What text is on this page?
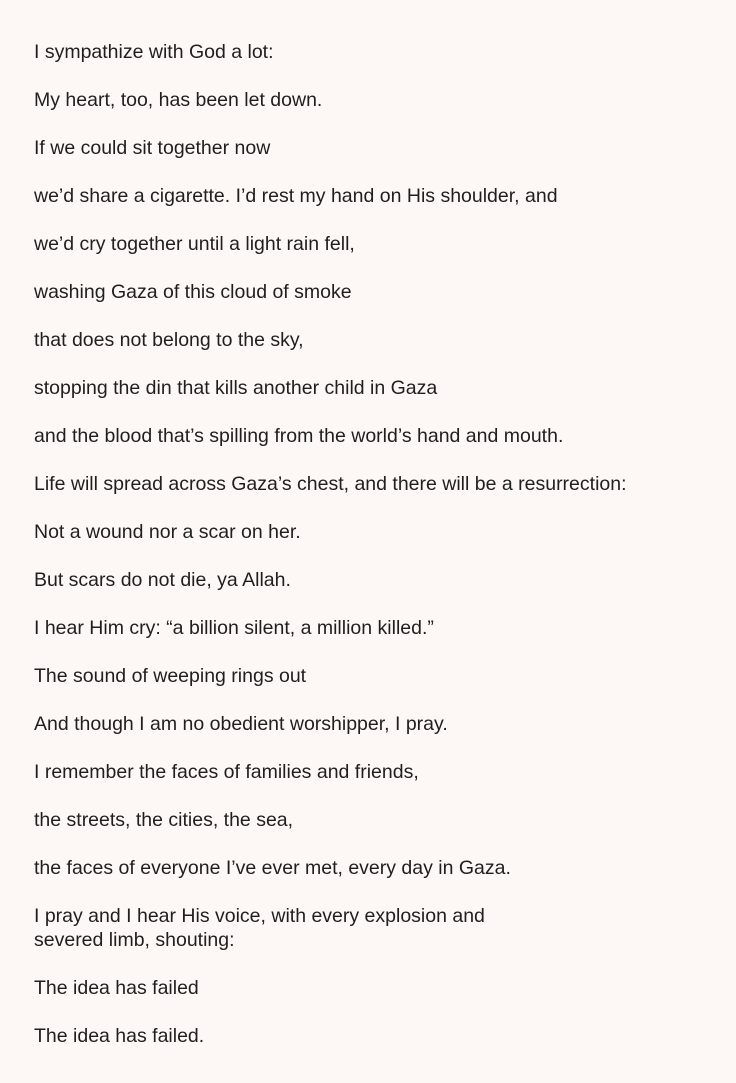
I sympathize with God a lot:

My heart, too, has been let down.

If we could sit together now

we’d share a cigarette. I’d rest my hand on His shoulder, and

we’d cry together until a light rain fell,

washing Gaza of this cloud of smoke

that does not belong to the sky,

stopping the din that kills another child in Gaza

and the blood that’s spilling from the world’s hand and mouth.

Life will spread across Gaza’s chest, and there will be a resurrection:

Not a wound nor a scar on her.

But scars do not die, ya Allah.

I hear Him cry: “a billion silent, a million killed.”

The sound of weeping rings out

And though I am no obedient worshipper, I pray.

I remember the faces of families and friends,

the streets, the cities, the sea,

the faces of everyone I’ve ever met, every day in Gaza.

I pray and I hear His voice, with every explosion and severed limb, shouting:

The idea has failed

The idea has failed.
